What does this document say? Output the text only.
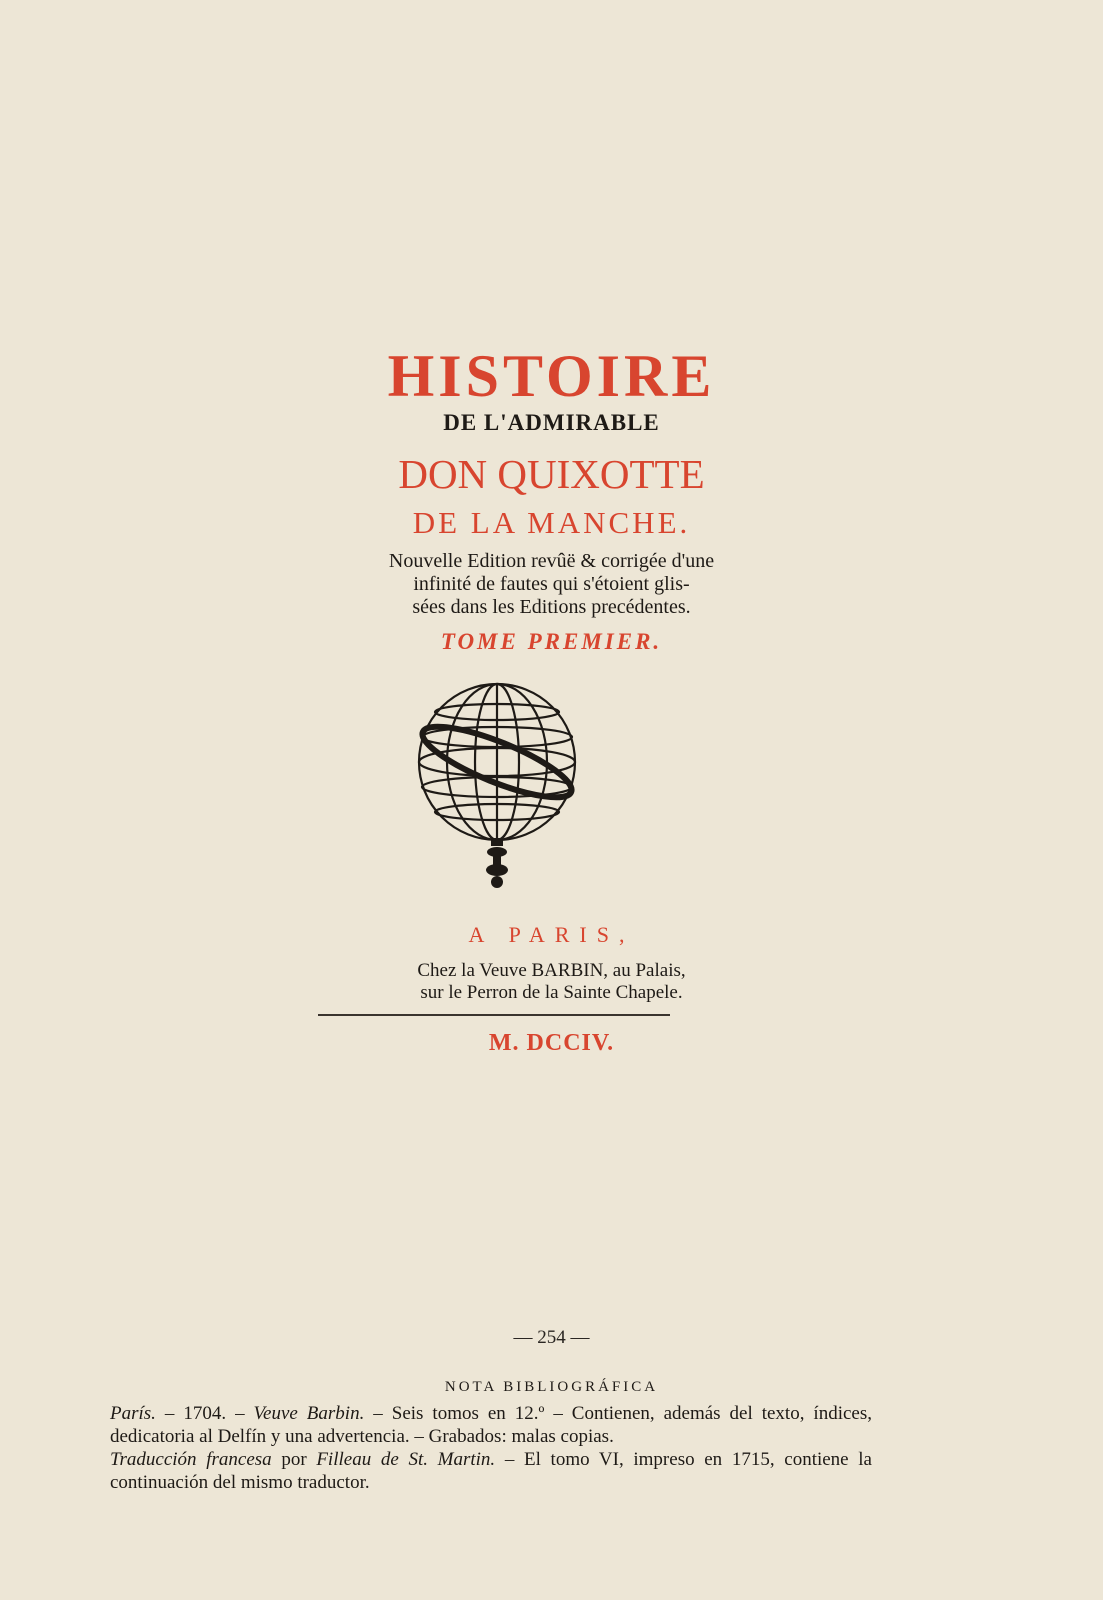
HISTOIRE
DE L'ADMIRABLE
DON QUIXOTTE
DE LA MANCHE.
Nouvelle Edition revûë & corrigée d'une
infinité de fautes qui s'étoient glis-
sées dans les Editions precédentes.
TOME PREMIER.
A PARIS,
Chez la Veuve BARBIN, au Palais,
sur le Perron de la Sainte Chapele.
M. DCCIV.
— 254 —
NOTA BIBLIOGRÁFICA

París. – 1704. – Veuve Barbin. – Seis tomos en 12.º – Contienen, además del texto, índices, dedicatoria al Delfín y una advertencia. – Grabados: malas copias.

Traducción francesa por Filleau de St. Martin. – El tomo VI, impreso en 1715, contiene la continuación del mismo traductor.
